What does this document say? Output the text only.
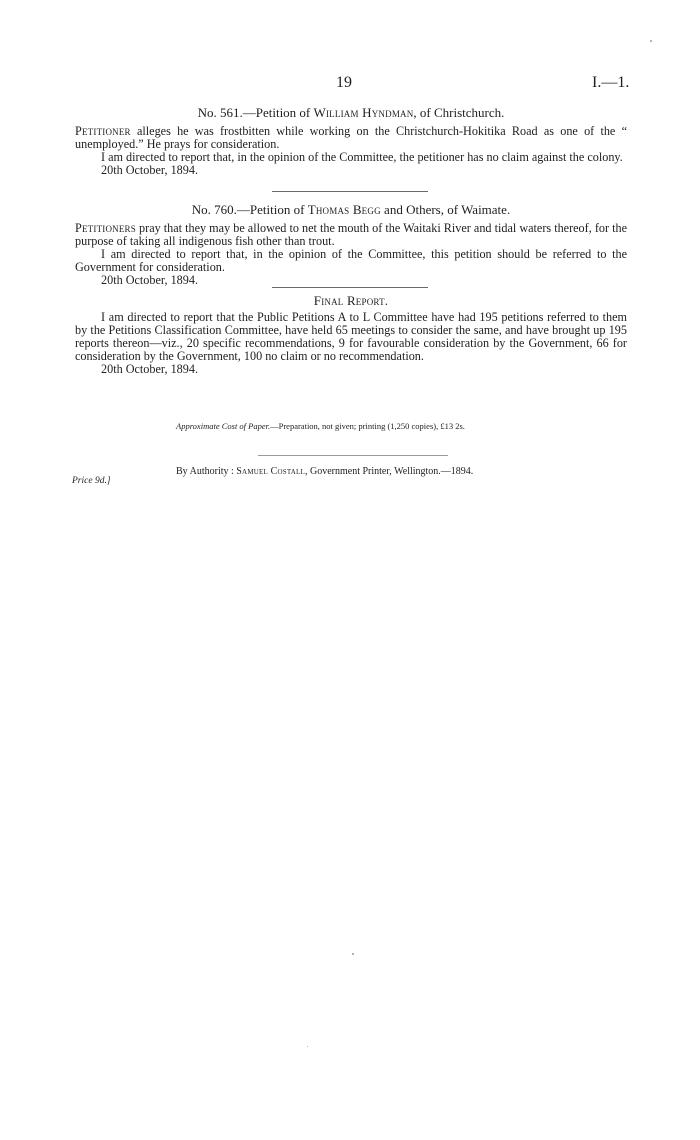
19	I.—1.
No. 561.—Petition of William Hyndman, of Christchurch.

Petitioner alleges he was frostbitten while working on the Christchurch-Hokitika Road as one of the “ unemployed.” He prays for consideration.

I am directed to report that, in the opinion of the Committee, the petitioner has no claim against the colony.

20th October, 1894.
No. 760.—Petition of Thomas Begg and Others, of Waimate.

Petitioners pray that they may be allowed to net the mouth of the Waitaki River and tidal waters thereof, for the purpose of taking all indigenous fish other than trout.

I am directed to report that, in the opinion of the Committee, this petition should be referred to the Government for consideration.

20th October, 1894.
Final Report.

I am directed to report that the Public Petitions A to L Committee have had 195 petitions referred to them by the Petitions Classification Committee, have held 65 meetings to consider the same, and have brought up 195 reports thereon—viz., 20 specific recommendations, 9 for favourable consideration by the Government, 66 for consideration by the Government, 100 no claim or no recommendation.

20th October, 1894.
Approximate Cost of Paper.—Preparation, not given; printing (1,250 copies), £13 2s.
By Authority : Samuel Costall, Government Printer, Wellington.—1894.
Price 9d.]
